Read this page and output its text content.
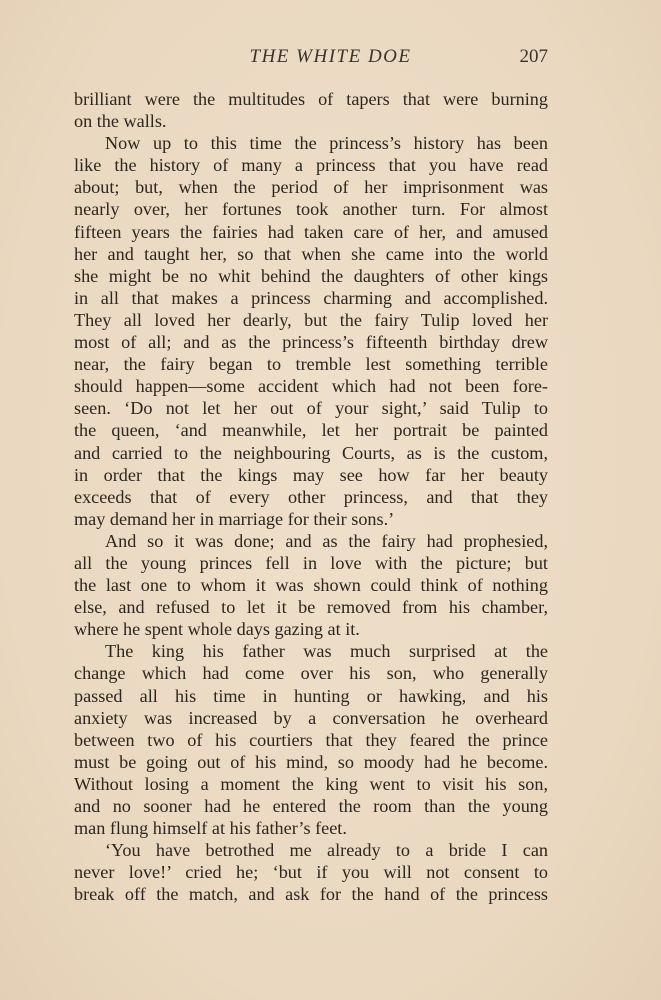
THE WHITE DOE	207
brilliant were the multitudes of tapers that were burning
on the walls.
Now up to this time the princess’s history has been
like the history of many a princess that you have read
about; but, when the period of her imprisonment was
nearly over, her fortunes took another turn. For almost
fifteen years the fairies had taken care of her, and amused
her and taught her, so that when she came into the world
she might be no whit behind the daughters of other kings
in all that makes a princess charming and accomplished.
They all loved her dearly, but the fairy Tulip loved her
most of all; and as the princess’s fifteenth birthday drew
near, the fairy began to tremble lest something terrible
should happen—some accident which had not been fore-
seen. ‘Do not let her out of your sight,’ said Tulip to
the queen, ‘and meanwhile, let her portrait be painted
and carried to the neighbouring Courts, as is the custom,
in order that the kings may see how far her beauty
exceeds that of every other princess, and that they
may demand her in marriage for their sons.’
And so it was done; and as the fairy had prophesied,
all the young princes fell in love with the picture; but
the last one to whom it was shown could think of nothing
else, and refused to let it be removed from his chamber,
where he spent whole days gazing at it.
The king his father was much surprised at the
change which had come over his son, who generally
passed all his time in hunting or hawking, and his
anxiety was increased by a conversation he overheard
between two of his courtiers that they feared the prince
must be going out of his mind, so moody had he become.
Without losing a moment the king went to visit his son,
and no sooner had he entered the room than the young
man flung himself at his father’s feet.
‘You have betrothed me already to a bride I can
never love!’ cried he; ‘but if you will not consent to
break off the match, and ask for the hand of the princess
